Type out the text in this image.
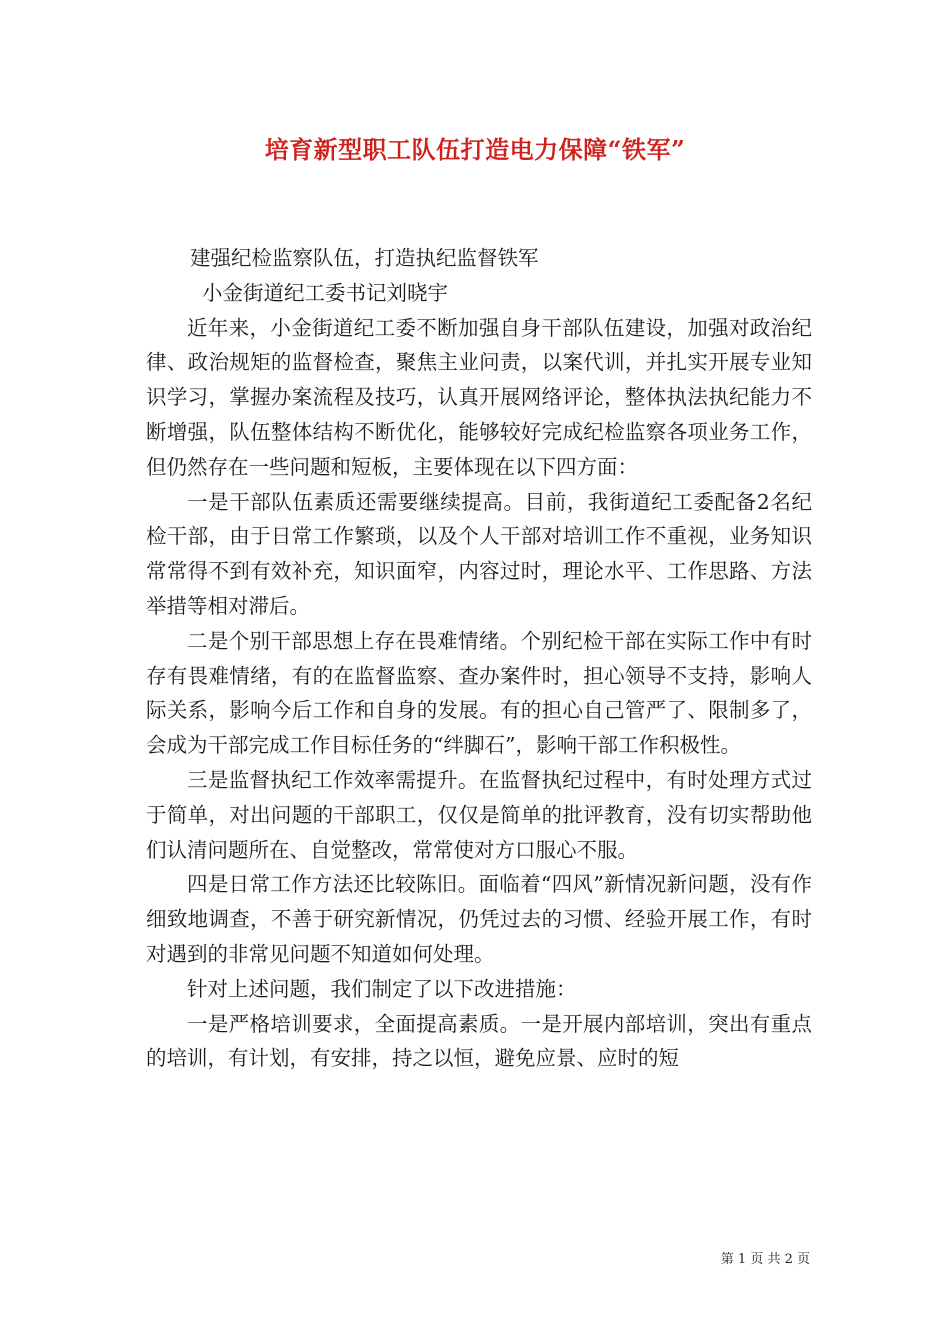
培育新型职工队伍打造电力保障“铁军”

建强纪检监察队伍，打造执纪监督铁军

小金街道纪工委书记刘晓宇

近年来，小金街道纪工委不断加强自身干部队伍建设，加强对政治纪律、政治规矩的监督检查，聚焦主业问责，以案代训，并扎实开展专业知识学习，掌握办案流程及技巧，认真开展网络评论，整体执法执纪能力不断增强，队伍整体结构不断优化，能够较好完成纪检监察各项业务工作，但仍然存在一些问题和短板，主要体现在以下四方面：

一是干部队伍素质还需要继续提高。目前，我街道纪工委配备2名纪检干部，由于日常工作繁琐，以及个人干部对培训工作不重视，业务知识常常得不到有效补充，知识面窄，内容过时，理论水平、工作思路、方法举措等相对滞后。

二是个别干部思想上存在畏难情绪。个别纪检干部在实际工作中有时存有畏难情绪，有的在监督监察、查办案件时，担心领导不支持，影响人际关系，影响今后工作和自身的发展。有的担心自己管严了、限制多了，会成为干部完成工作目标任务的“绊脚石”，影响干部工作积极性。

三是监督执纪工作效率需提升。在监督执纪过程中，有时处理方式过于简单，对出问题的干部职工，仅仅是简单的批评教育，没有切实帮助他们认清问题所在、自觉整改，常常使对方口服心不服。

四是日常工作方法还比较陈旧。面临着“四风”新情况新问题，没有作细致地调查，不善于研究新情况，仍凭过去的习惯、经验开展工作，有时对遇到的非常见问题不知道如何处理。

针对上述问题，我们制定了以下改进措施：

一是严格培训要求，全面提高素质。一是开展内部培训，突出有重点的培训，有计划，有安排，持之以恒，避免应景、应时的短

第 1 页 共 2 页
